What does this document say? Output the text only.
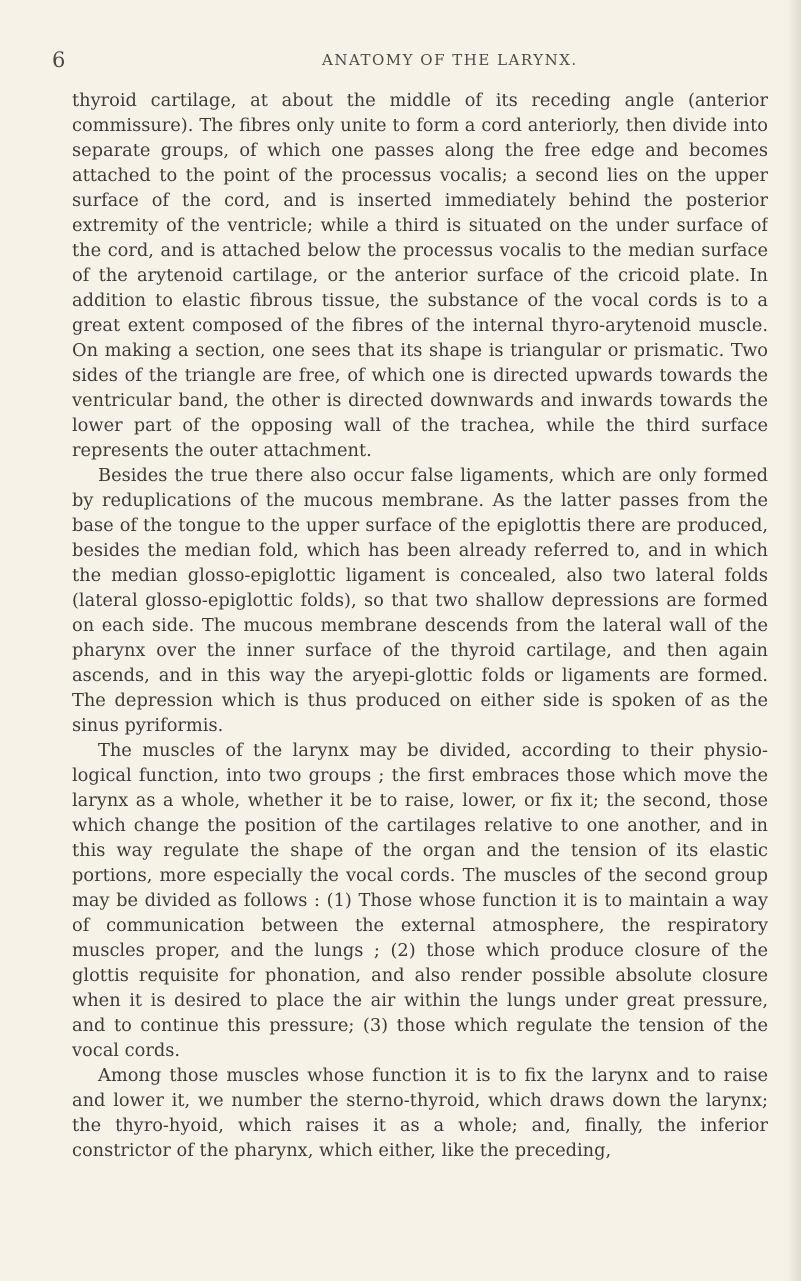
6	ANATOMY OF THE LARYNX.

thyroid cartilage, at about the middle of its receding angle (anterior commissure). The fibres only unite to form a cord anteriorly, then divide into separate groups, of which one passes along the free edge and becomes attached to the point of the processus vocalis; a second lies on the upper surface of the cord, and is inserted immediately behind the posterior extremity of the ventricle; while a third is situated on the under surface of the cord, and is attached below the processus vocalis to the median surface of the arytenoid cartilage, or the anterior surface of the cricoid plate. In addition to elastic fibrous tissue, the substance of the vocal cords is to a great extent composed of the fibres of the internal thyro-arytenoid muscle. On making a section, one sees that its shape is triangular or prismatic. Two sides of the triangle are free, of which one is directed upwards towards the ventricular band, the other is directed downwards and inwards towards the lower part of the opposing wall of the trachea, while the third surface represents the outer attachment.

Besides the true there also occur false ligaments, which are only formed by reduplications of the mucous membrane. As the latter passes from the base of the tongue to the upper surface of the epiglottis there are produced, besides the median fold, which has been already referred to, and in which the median glosso-epiglottic ligament is concealed, also two lateral folds (lateral glosso-epiglottic folds), so that two shallow depressions are formed on each side. The mucous membrane descends from the lateral wall of the pharynx over the inner surface of the thyroid cartilage, and then again ascends, and in this way the aryepi-glottic folds or ligaments are formed. The depression which is thus produced on either side is spoken of as the sinus pyriformis.

The muscles of the larynx may be divided, according to their physio-logical function, into two groups ; the first embraces those which move the larynx as a whole, whether it be to raise, lower, or fix it; the second, those which change the position of the cartilages relative to one another, and in this way regulate the shape of the organ and the tension of its elastic portions, more especially the vocal cords. The muscles of the second group may be divided as follows : (1) Those whose function it is to maintain a way of communication between the external atmosphere, the respiratory muscles proper, and the lungs ; (2) those which produce closure of the glottis requisite for phonation, and also render possible absolute closure when it is desired to place the air within the lungs under great pressure, and to continue this pressure; (3) those which regulate the tension of the vocal cords.

Among those muscles whose function it is to fix the larynx and to raise and lower it, we number the sterno-thyroid, which draws down the larynx; the thyro-hyoid, which raises it as a whole; and, finally, the inferior constrictor of the pharynx, which either, like the preceding,
